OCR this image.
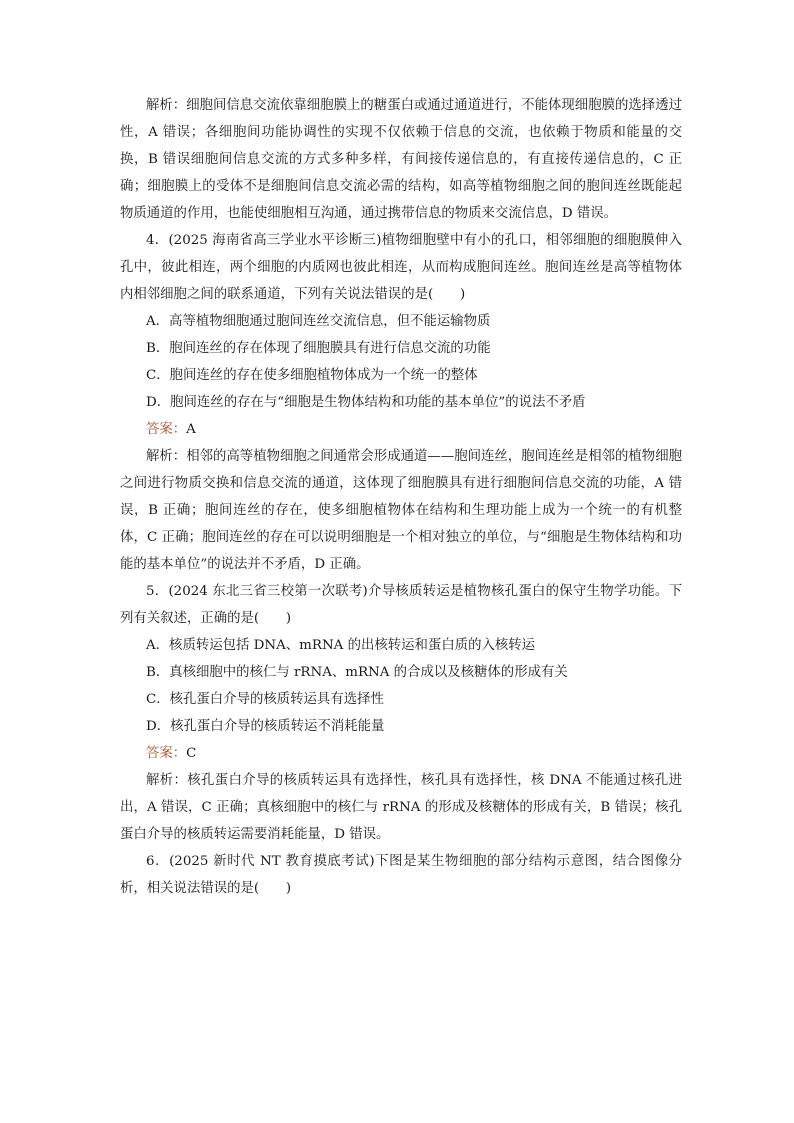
解析：细胞间信息交流依靠细胞膜上的糖蛋白或通过通道进行，不能体现细胞膜的选择透过性，A 错误；各细胞间功能协调性的实现不仅依赖于信息的交流，也依赖于物质和能量的交换，B 错误细胞间信息交流的方式多种多样，有间接传递信息的，有直接传递信息的，C 正确；细胞膜上的受体不是细胞间信息交流必需的结构，如高等植物细胞之间的胞间连丝既能起物质通道的作用，也能使细胞相互沟通，通过携带信息的物质来交流信息，D 错误。

4．(2025 海南省高三学业水平诊断三)植物细胞壁中有小的孔口，相邻细胞的细胞膜伸入孔中，彼此相连，两个细胞的内质网也彼此相连，从而构成胞间连丝。胞间连丝是高等植物体内相邻细胞之间的联系通道，下列有关说法错误的是(　　)

A．高等植物细胞通过胞间连丝交流信息，但不能运输物质

B．胞间连丝的存在体现了细胞膜具有进行信息交流的功能

C．胞间连丝的存在使多细胞植物体成为一个统一的整体

D．胞间连丝的存在与“细胞是生物体结构和功能的基本单位”的说法不矛盾

答案：A

解析：相邻的高等植物细胞之间通常会形成通道——胞间连丝，胞间连丝是相邻的植物细胞之间进行物质交换和信息交流的通道，这体现了细胞膜具有进行细胞间信息交流的功能，A 错误，B 正确；胞间连丝的存在，使多细胞植物体在结构和生理功能上成为一个统一的有机整体，C 正确；胞间连丝的存在可以说明细胞是一个相对独立的单位，与“细胞是生物体结构和功能的基本单位”的说法并不矛盾，D 正确。

5．(2024 东北三省三校第一次联考)介导核质转运是植物核孔蛋白的保守生物学功能。下列有关叙述，正确的是(　　)

A．核质转运包括 DNA、mRNA 的出核转运和蛋白质的入核转运

B．真核细胞中的核仁与 rRNA、mRNA 的合成以及核糖体的形成有关

C．核孔蛋白介导的核质转运具有选择性

D．核孔蛋白介导的核质转运不消耗能量

答案：C

解析：核孔蛋白介导的核质转运具有选择性，核孔具有选择性，核 DNA 不能通过核孔进出，A 错误，C 正确；真核细胞中的核仁与 rRNA 的形成及核糖体的形成有关，B 错误；核孔蛋白介导的核质转运需要消耗能量，D 错误。

6．(2025 新时代 NT 教育摸底考试)下图是某生物细胞的部分结构示意图，结合图像分析，相关说法错误的是(　　)
